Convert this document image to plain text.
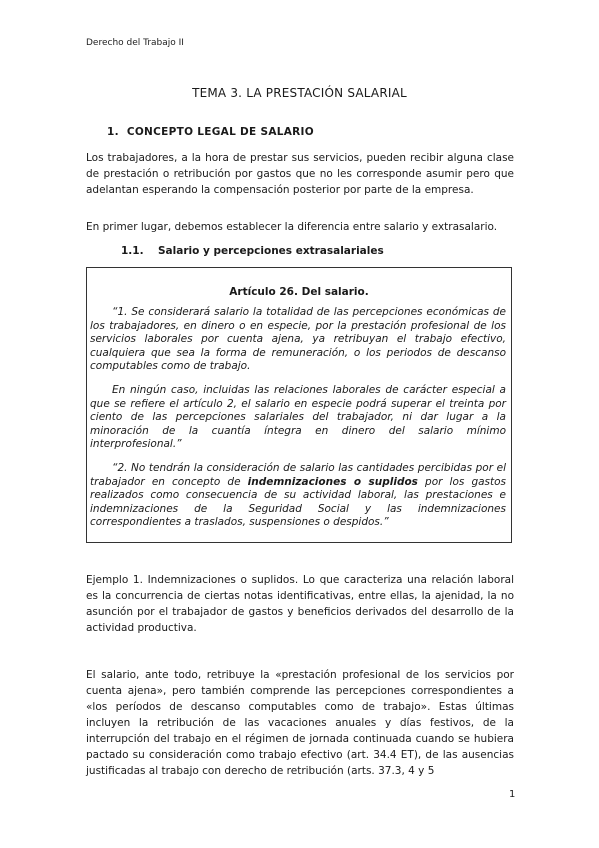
Derecho del Trabajo II
TEMA 3. LA PRESTACIÓN SALARIAL
1. CONCEPTO LEGAL DE SALARIO
Los trabajadores, a la hora de prestar sus servicios, pueden recibir alguna clase de prestación o retribución por gastos que no les corresponde asumir pero que adelantan esperando la compensación posterior por parte de la empresa.
En primer lugar, debemos establecer la diferencia entre salario y extrasalario.
1.1. Salario y percepciones extrasalariales
Artículo 26. Del salario.
“1. Se considerará salario la totalidad de las percepciones económicas de los trabajadores, en dinero o en especie, por la prestación profesional de los servicios laborales por cuenta ajena, ya retribuyan el trabajo efectivo, cualquiera que sea la forma de remuneración, o los periodos de descanso computables como de trabajo.
En ningún caso, incluidas las relaciones laborales de carácter especial a que se refiere el artículo 2, el salario en especie podrá superar el treinta por ciento de las percepciones salariales del trabajador, ni dar lugar a la minoración de la cuantía íntegra en dinero del salario mínimo interprofesional.”
“2. No tendrán la consideración de salario las cantidades percibidas por el trabajador en concepto de indemnizaciones o suplidos por los gastos realizados como consecuencia de su actividad laboral, las prestaciones e indemnizaciones de la Seguridad Social y las indemnizaciones correspondientes a traslados, suspensiones o despidos.”
Ejemplo 1. Indemnizaciones o suplidos. Lo que caracteriza una relación laboral es la concurrencia de ciertas notas identificativas, entre ellas, la ajenidad, la no asunción por el trabajador de gastos y beneficios derivados del desarrollo de la actividad productiva.
El salario, ante todo, retribuye la «prestación profesional de los servicios por cuenta ajena», pero también comprende las percepciones correspondientes a «los períodos de descanso computables como de trabajo». Estas últimas incluyen la retribución de las vacaciones anuales y días festivos, de la interrupción del trabajo en el régimen de jornada continuada cuando se hubiera pactado su consideración como trabajo efectivo (art. 34.4 ET), de las ausencias justificadas al trabajo con derecho de retribución (arts. 37.3, 4 y 5
1
